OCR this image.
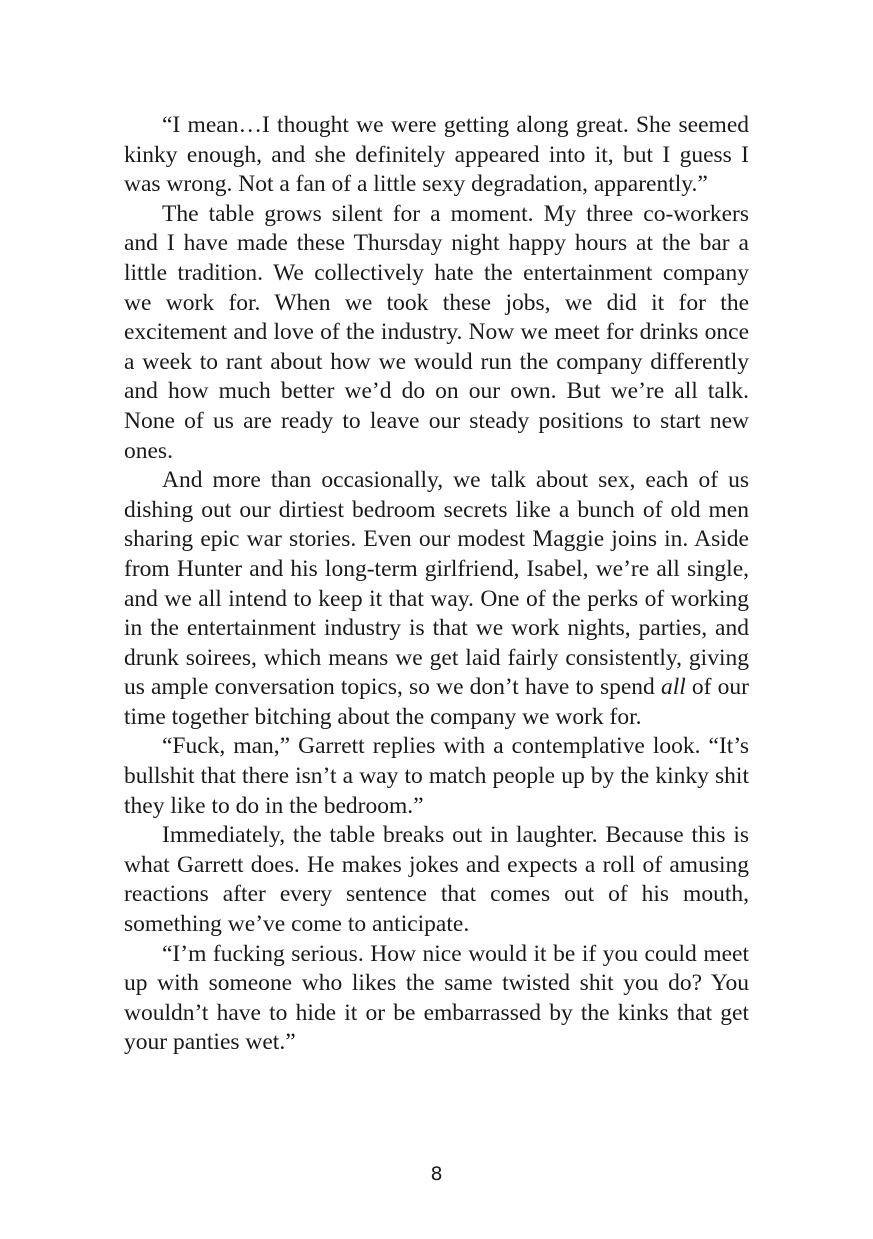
“I mean…I thought we were getting along great. She seemed kinky enough, and she definitely appeared into it, but I guess I was wrong. Not a fan of a little sexy degradation, apparently.”

The table grows silent for a moment. My three co-workers and I have made these Thursday night happy hours at the bar a little tradition. We collectively hate the entertainment company we work for. When we took these jobs, we did it for the excitement and love of the industry. Now we meet for drinks once a week to rant about how we would run the company differently and how much better we’d do on our own. But we’re all talk. None of us are ready to leave our steady positions to start new ones.

And more than occasionally, we talk about sex, each of us dishing out our dirtiest bedroom secrets like a bunch of old men sharing epic war stories. Even our modest Maggie joins in. Aside from Hunter and his long-term girlfriend, Isabel, we’re all single, and we all intend to keep it that way. One of the perks of working in the entertainment industry is that we work nights, parties, and drunk soirees, which means we get laid fairly consistently, giving us ample conversation topics, so we don’t have to spend all of our time together bitching about the company we work for.

“Fuck, man,” Garrett replies with a contemplative look. “It’s bullshit that there isn’t a way to match people up by the kinky shit they like to do in the bedroom.”

Immediately, the table breaks out in laughter. Because this is what Garrett does. He makes jokes and expects a roll of amusing reactions after every sentence that comes out of his mouth, something we’ve come to anticipate.

“I’m fucking serious. How nice would it be if you could meet up with someone who likes the same twisted shit you do? You wouldn’t have to hide it or be embarrassed by the kinks that get your panties wet.”

8
